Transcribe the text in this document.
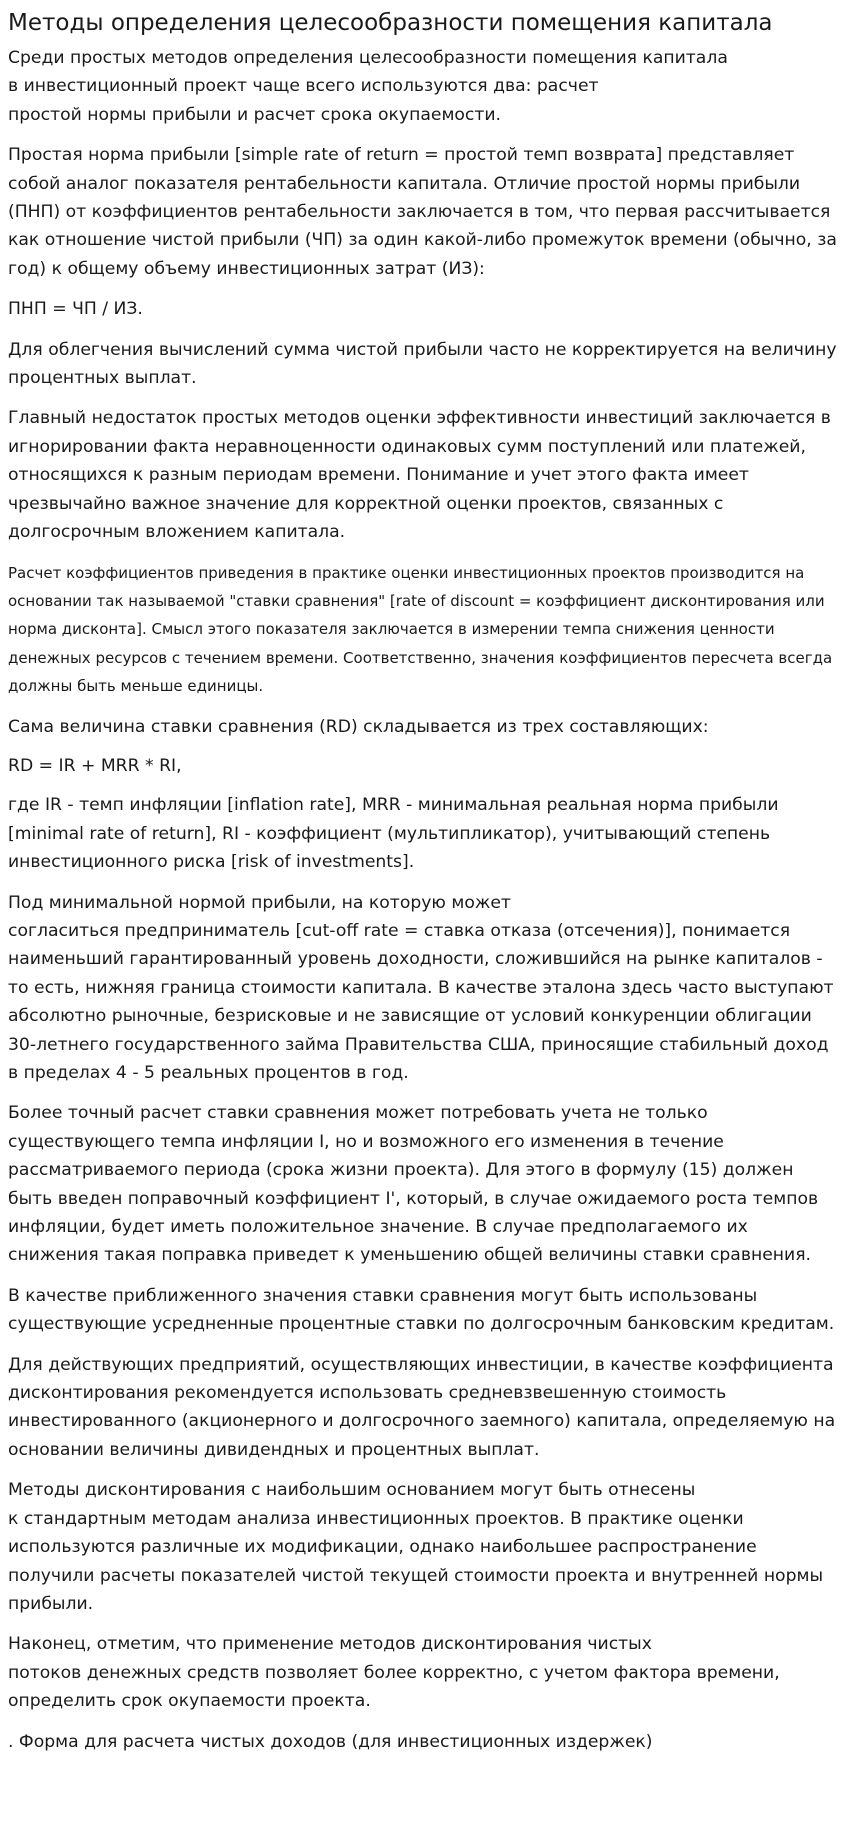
Методы определения целесообразности помещения капитала

Среди простых методов определения целесообразности помещения капитала
в инвестиционный проект чаще всего используются два: расчет
простой нормы прибыли и расчет срока окупаемости.

Простая норма прибыли [simple rate of return = простой темп возврата] представляет собой аналог показателя рентабельности капитала. Отличие простой нормы прибыли (ПНП) от коэффициентов рентабельности заключается в том, что первая рассчитывается как отношение чистой прибыли (ЧП) за один какой-либо промежуток времени (обычно, за год) к общему объему инвестиционных затрат (ИЗ):

ПНП = ЧП / ИЗ.

Для облегчения вычислений сумма чистой прибыли часто не корректируется на величину процентных выплат.

Главный недостаток простых методов оценки эффективности инвестиций заключается в игнорировании факта неравноценности одинаковых сумм поступлений или платежей, относящихся к разным периодам времени. Понимание и учет этого факта имеет чрезвычайно важное значение для корректной оценки проектов, связанных с долгосрочным вложением капитала.

Расчет коэффициентов приведения в практике оценки инвестиционных проектов производится на основании так называемой "ставки сравнения" [rate of discount = коэффициент дисконтирования или норма дисконта]. Смысл этого показателя заключается в измерении темпа снижения ценности денежных ресурсов с течением времени. Соответственно, значения коэффициентов пересчета всегда должны быть меньше единицы.

Сама величина ставки сравнения (RD) складывается из трех составляющих:

RD = IR + MRR * RI,

где IR - темп инфляции [inflation rate], MRR - минимальная реальная норма прибыли [minimal rate of return], RI - коэффициент (мультипликатор), учитывающий степень инвестиционного риска [risk of investments].

Под минимальной нормой прибыли, на которую может
согласиться предприниматель [cut-off rate = ставка отказа (отсечения)], понимается наименьший гарантированный уровень доходности, сложившийся на рынке капиталов - то есть, нижняя граница стоимости капитала. В качестве эталона здесь часто выступают абсолютно рыночные, безрисковые и не зависящие от условий конкуренции облигации 30-летнего государственного займа Правительства США, приносящие стабильный доход в пределах 4 - 5 реальных процентов в год.

Более точный расчет ставки сравнения может потребовать учета не только существующего темпа инфляции I, но и возможного его изменения в течение рассматриваемого периода (срока жизни проекта). Для этого в формулу (15) должен быть введен поправочный коэффициент I', который, в случае ожидаемого роста темпов инфляции, будет иметь положительное значение. В случае предполагаемого их снижения такая поправка приведет к уменьшению общей величины ставки сравнения.

В качестве приближенного значения ставки сравнения могут быть использованы существующие усредненные процентные ставки по долгосрочным банковским кредитам.

Для действующих предприятий, осуществляющих инвестиции, в качестве коэффициента дисконтирования рекомендуется использовать средневзвешенную стоимость инвестированного (акционерного и долгосрочного заемного) капитала, определяемую на основании величины дивидендных и процентных выплат.

Методы дисконтирования с наибольшим основанием могут быть отнесены
к стандартным методам анализа инвестиционных проектов. В практике оценки используются различные их модификации, однако наибольшее распространение получили расчеты показателей чистой текущей стоимости проекта и внутренней нормы прибыли.

Наконец, отметим, что применение методов дисконтирования чистых
потоков денежных средств позволяет более корректно, с учетом фактора времени, определить срок окупаемости проекта.

. Форма для расчета чистых доходов (для инвестиционных издержек)
